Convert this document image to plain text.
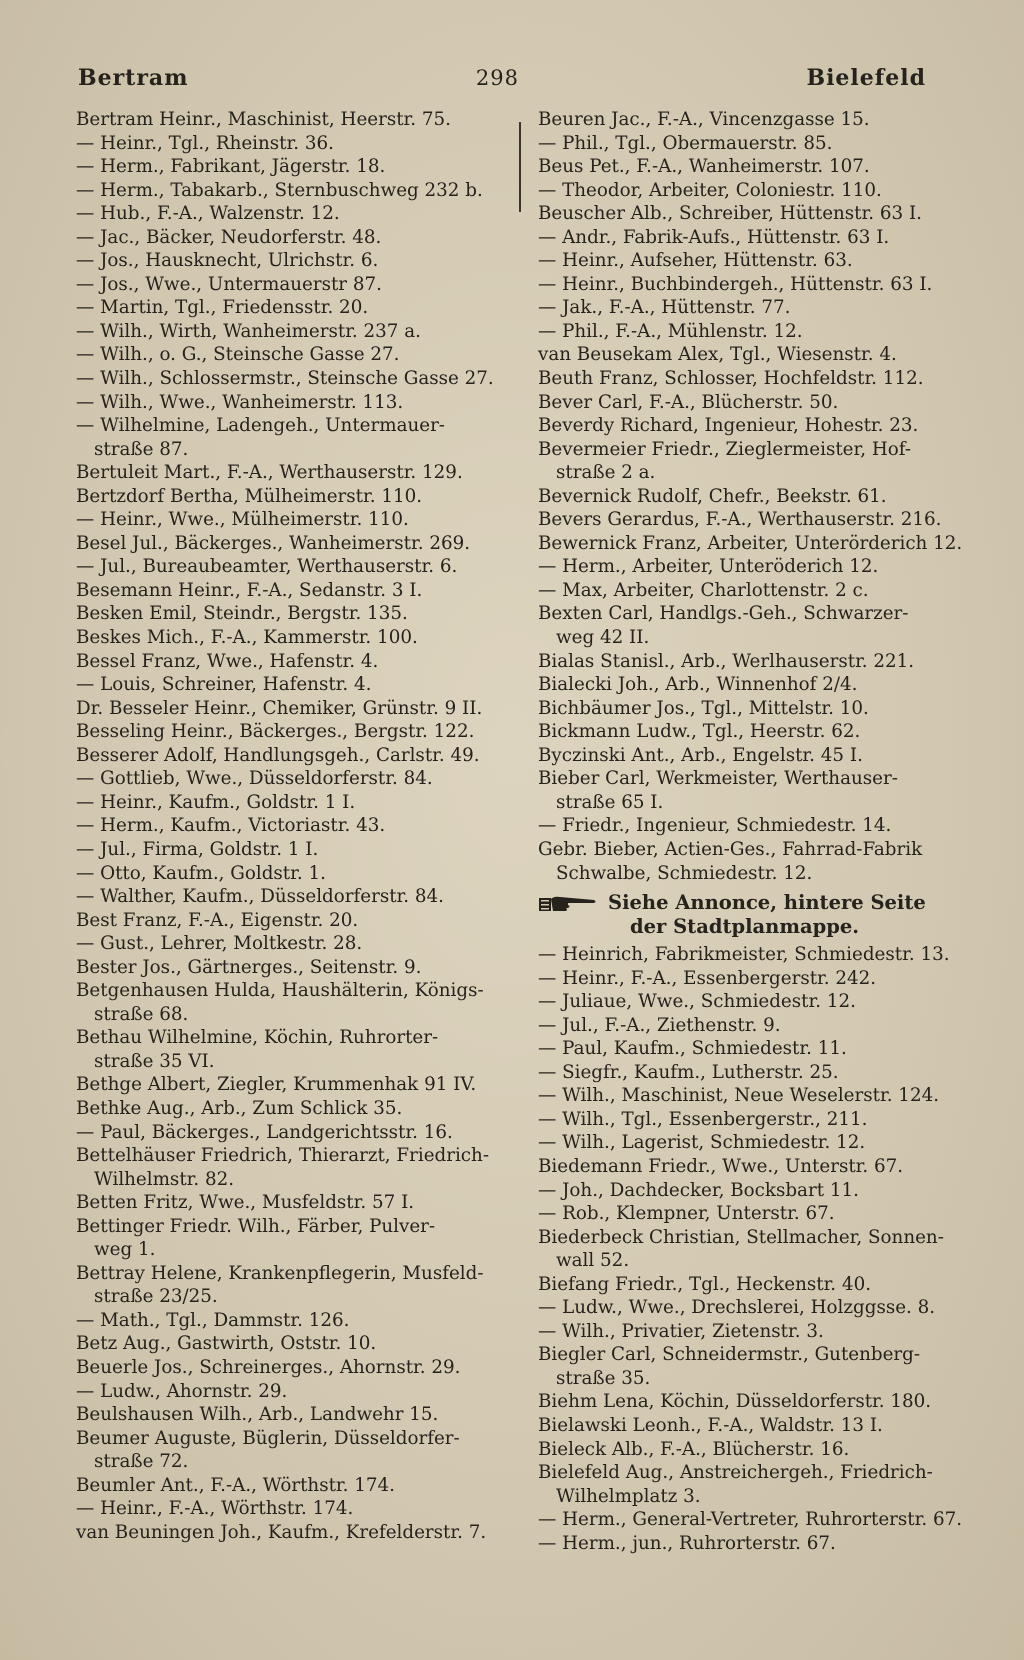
Bertram	298	Bielefeld
Bertram Heinr., Maschinist, Heerstr. 75.
— Heinr., Tgl., Rheinstr. 36.
— Herm., Fabrikant, Jägerstr. 18.
— Herm., Tabakarb., Sternbuschweg 232 b.
— Hub., F.-A., Walzenstr. 12.
— Jac., Bäcker, Neudorferstr. 48.
— Jos., Hausknecht, Ulrichstr. 6.
— Jos., Wwe., Untermauerstr 87.
— Martin, Tgl., Friedensstr. 20.
— Wilh., Wirth, Wanheimerstr. 237 a.
— Wilh., o. G., Steinsche Gasse 27.
— Wilh., Schlossermstr., Steinsche Gasse 27.
— Wilh., Wwe., Wanheimerstr. 113.
— Wilhelmine, Ladengeh., Untermauer-
straße 87.
Bertuleit Mart., F.-A., Werthauserstr. 129.
Bertzdorf Bertha, Mülheimerstr. 110.
— Heinr., Wwe., Mülheimerstr. 110.
Besel Jul., Bäckerges., Wanheimerstr. 269.
— Jul., Bureaubeamter, Werthauserstr. 6.
Besemann Heinr., F.-A., Sedanstr. 3 I.
Besken Emil, Steindr., Bergstr. 135.
Beskes Mich., F.-A., Kammerstr. 100.
Bessel Franz, Wwe., Hafenstr. 4.
— Louis, Schreiner, Hafenstr. 4.
Dr. Besseler Heinr., Chemiker, Grünstr. 9 II.
Besseling Heinr., Bäckerges., Bergstr. 122.
Besserer Adolf, Handlungsgeh., Carlstr. 49.
— Gottlieb, Wwe., Düsseldorferstr. 84.
— Heinr., Kaufm., Goldstr. 1 I.
— Herm., Kaufm., Victoriastr. 43.
— Jul., Firma, Goldstr. 1 I.
— Otto, Kaufm., Goldstr. 1.
— Walther, Kaufm., Düsseldorferstr. 84.
Best Franz, F.-A., Eigenstr. 20.
— Gust., Lehrer, Moltkestr. 28.
Bester Jos., Gärtnerges., Seitenstr. 9.
Betgenhausen Hulda, Haushälterin, Königs-
straße 68.
Bethau Wilhelmine, Köchin, Ruhrorter-
straße 35 VI.
Bethge Albert, Ziegler, Krummenhak 91 IV.
Bethke Aug., Arb., Zum Schlick 35.
— Paul, Bäckerges., Landgerichtsstr. 16.
Bettelhäuser Friedrich, Thierarzt, Friedrich-
Wilhelmstr. 82.
Betten Fritz, Wwe., Musfeldstr. 57 I.
Bettinger Friedr. Wilh., Färber, Pulver-
weg 1.
Bettray Helene, Krankenpflegerin, Musfeld-
straße 23/25.
— Math., Tgl., Dammstr. 126.
Betz Aug., Gastwirth, Oststr. 10.
Beuerle Jos., Schreinerges., Ahornstr. 29.
— Ludw., Ahornstr. 29.
Beulshausen Wilh., Arb., Landwehr 15.
Beumer Auguste, Büglerin, Düsseldorfer-
straße 72.
Beumler Ant., F.-A., Wörthstr. 174.
— Heinr., F.-A., Wörthstr. 174.
van Beuningen Joh., Kaufm., Krefelderstr. 7.
Beuren Jac., F.-A., Vincenzgasse 15.
— Phil., Tgl., Obermauerstr. 85.
Beus Pet., F.-A., Wanheimerstr. 107.
— Theodor, Arbeiter, Coloniestr. 110.
Beuscher Alb., Schreiber, Hüttenstr. 63 I.
— Andr., Fabrik-Aufs., Hüttenstr. 63 I.
— Heinr., Aufseher, Hüttenstr. 63.
— Heinr., Buchbindergeh., Hüttenstr. 63 I.
— Jak., F.-A., Hüttenstr. 77.
— Phil., F.-A., Mühlenstr. 12.
van Beusekam Alex, Tgl., Wiesenstr. 4.
Beuth Franz, Schlosser, Hochfeldstr. 112.
Bever Carl, F.-A., Blücherstr. 50.
Beverdy Richard, Ingenieur, Hohestr. 23.
Bevermeier Friedr., Zieglermeister, Hof-
straße 2 a.
Bevernick Rudolf, Chefr., Beekstr. 61.
Bevers Gerardus, F.-A., Werthauserstr. 216.
Bewernick Franz, Arbeiter, Unterörderich 12.
— Herm., Arbeiter, Unteröderich 12.
— Max, Arbeiter, Charlottenstr. 2 c.
Bexten Carl, Handlgs.-Geh., Schwarzer-
weg 42 II.
Bialas Stanisl., Arb., Werlhauserstr. 221.
Bialecki Joh., Arb., Winnenhof 2/4.
Bichbäumer Jos., Tgl., Mittelstr. 10.
Bickmann Ludw., Tgl., Heerstr. 62.
Byczinski Ant., Arb., Engelstr. 45 I.
Bieber Carl, Werkmeister, Werthauser-
straße 65 I.
— Friedr., Ingenieur, Schmiedestr. 14.
Gebr. Bieber, Actien-Ges., Fahrrad-Fabrik
Schwalbe, Schmiedestr. 12.
Siehe Annonce, hintere Seite
der Stadtplanmappe.
— Heinrich, Fabrikmeister, Schmiedestr. 13.
— Heinr., F.-A., Essenbergerstr. 242.
— Juliaue, Wwe., Schmiedestr. 12.
— Jul., F.-A., Ziethenstr. 9.
— Paul, Kaufm., Schmiedestr. 11.
— Siegfr., Kaufm., Lutherstr. 25.
— Wilh., Maschinist, Neue Weselerstr. 124.
— Wilh., Tgl., Essenbergerstr., 211.
— Wilh., Lagerist, Schmiedestr. 12.
Biedemann Friedr., Wwe., Unterstr. 67.
— Joh., Dachdecker, Bocksbart 11.
— Rob., Klempner, Unterstr. 67.
Biederbeck Christian, Stellmacher, Sonnen-
wall 52.
Biefang Friedr., Tgl., Heckenstr. 40.
— Ludw., Wwe., Drechslerei, Holzggsse. 8.
— Wilh., Privatier, Zietenstr. 3.
Biegler Carl, Schneidermstr., Gutenberg-
straße 35.
Biehm Lena, Köchin, Düsseldorferstr. 180.
Bielawski Leonh., F.-A., Waldstr. 13 I.
Bieleck Alb., F.-A., Blücherstr. 16.
Bielefeld Aug., Anstreichergeh., Friedrich-
Wilhelmplatz 3.
— Herm., General-Vertreter, Ruhrorterstr. 67.
— Herm., jun., Ruhrorterstr. 67.
